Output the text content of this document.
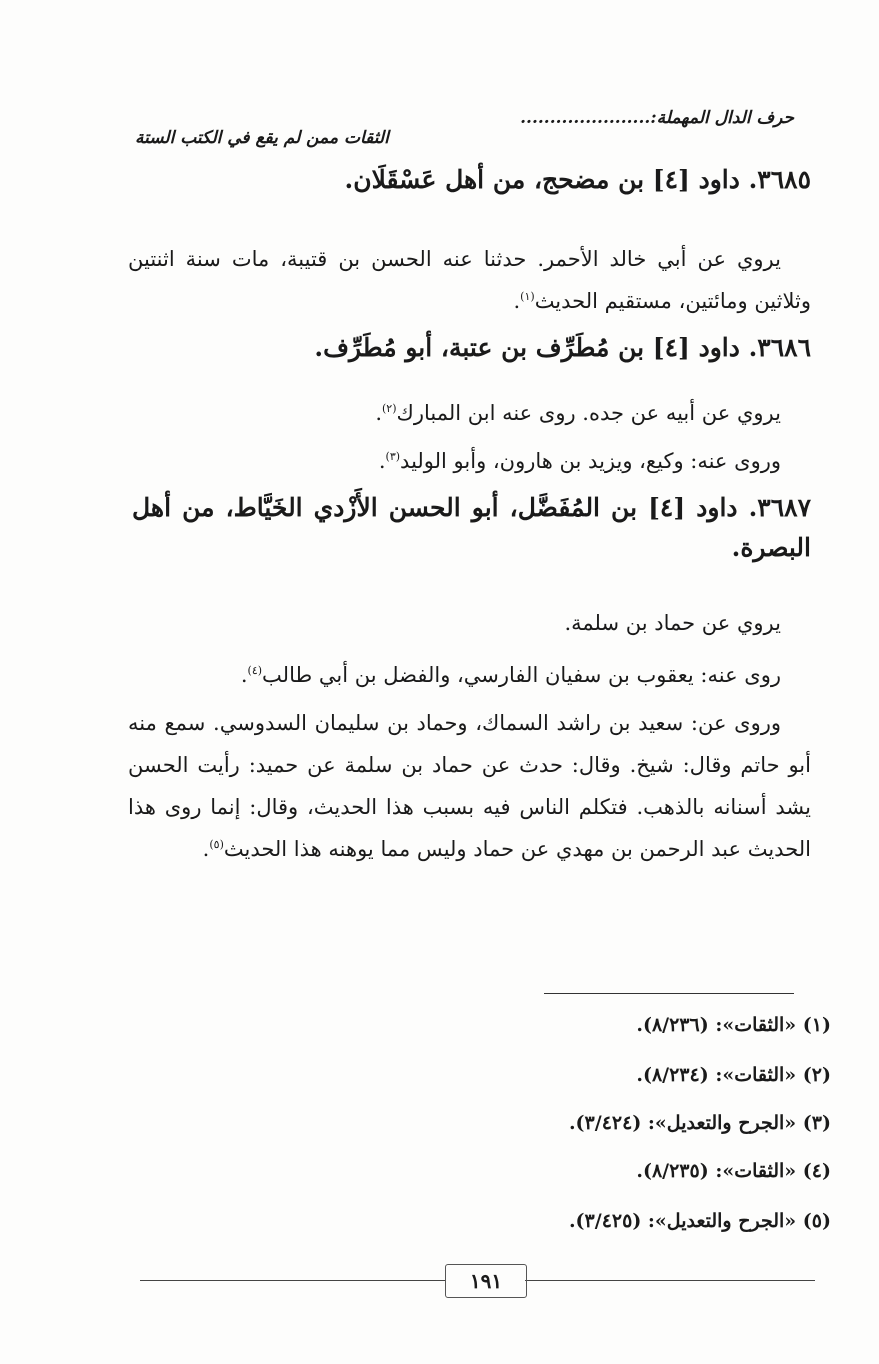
حرف الدال المهملة:......................
الثقات ممن لم يقع في الكتب الستة
٣٦٨٥. داود [٤] بن مضحج، من أهل عَسْقَلَان.
يروي عن أبي خالد الأحمر. حدثنا عنه الحسن بن قتيبة، مات سنة اثنتين وثلاثين ومائتين، مستقيم الحديث$^{(١)}$.
٣٦٨٦. داود [٤] بن مُطَرِّف بن عتبة، أبو مُطَرِّف.
يروي عن أبيه عن جده. روى عنه ابن المبارك$^{(٢)}$.
وروى عنه: وكيع، ويزيد بن هارون، وأبو الوليد$^{(٣)}$.
٣٦٨٧. داود [٤] بن المُفَضَّل، أبو الحسن الأَزْدي الخَيَّاط، من أهل البصرة.
يروي عن حماد بن سلمة.
روى عنه: يعقوب بن سفيان الفارسي، والفضل بن أبي طالب$^{(٤)}$.
وروى عن: سعيد بن راشد السماك، وحماد بن سليمان السدوسي. سمع منه أبو حاتم وقال: شيخ. وقال: حدث عن حماد بن سلمة عن حميد: رأيت الحسن يشد أسنانه بالذهب. فتكلم الناس فيه بسبب هذا الحديث، وقال: إنما روى هذا الحديث عبد الرحمن بن مهدي عن حماد وليس مما يوهنه هذا الحديث$^{(٥)}$.
(١) «الثقات»: (٨/٢٣٦).
(٢) «الثقات»: (٨/٢٣٤).
(٣) «الجرح والتعديل»: (٣/٤٢٤).
(٤) «الثقات»: (٨/٢٣٥).
(٥) «الجرح والتعديل»: (٣/٤٢٥).
١٩١
